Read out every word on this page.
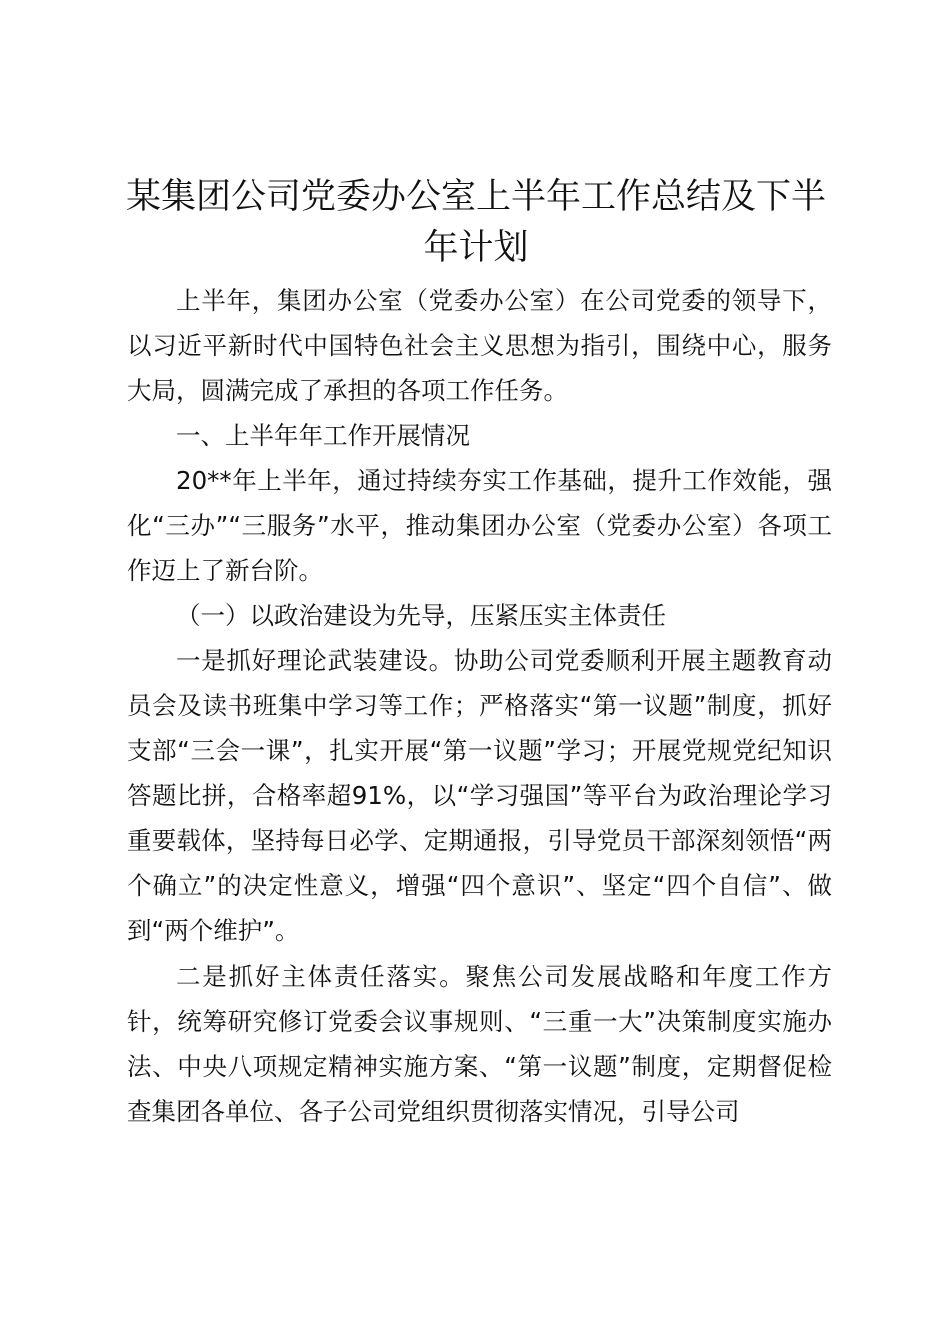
某集团公司党委办公室上半年工作总结及下半年计划

上半年，集团办公室（党委办公室）在公司党委的领导下，以习近平新时代中国特色社会主义思想为指引，围绕中心，服务大局，圆满完成了承担的各项工作任务。

一、上半年年工作开展情况

20**年上半年，通过持续夯实工作基础，提升工作效能，强化“三办”“三服务”水平，推动集团办公室（党委办公室）各项工作迈上了新台阶。

（一）以政治建设为先导，压紧压实主体责任

一是抓好理论武装建设。协助公司党委顺利开展主题教育动员会及读书班集中学习等工作；严格落实“第一议题”制度，抓好支部“三会一课”，扎实开展“第一议题”学习；开展党规党纪知识答题比拼，合格率超91%，以“学习强国”等平台为政治理论学习重要载体，坚持每日必学、定期通报，引导党员干部深刻领悟“两个确立”的决定性意义，增强“四个意识”、坚定“四个自信”、做到“两个维护”。

二是抓好主体责任落实。聚焦公司发展战略和年度工作方针，统筹研究修订党委会议事规则、“三重一大”决策制度实施办法、中央八项规定精神实施方案、“第一议题”制度，定期督促检查集团各单位、各子公司党组织贯彻落实情况，引导公司
